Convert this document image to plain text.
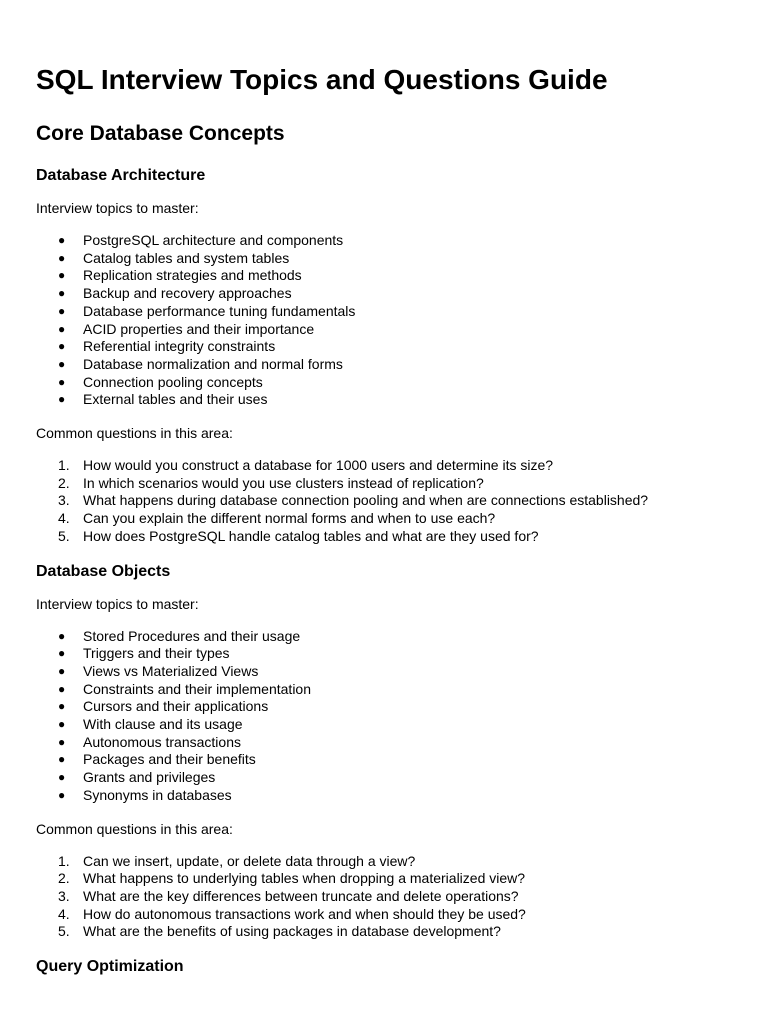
SQL Interview Topics and Questions Guide
Core Database Concepts
Database Architecture

Interview topics to master:

● PostgreSQL architecture and components
● Catalog tables and system tables
● Replication strategies and methods
● Backup and recovery approaches
● Database performance tuning fundamentals
● ACID properties and their importance
● Referential integrity constraints
● Database normalization and normal forms
● Connection pooling concepts
● External tables and their uses

Common questions in this area:

1. How would you construct a database for 1000 users and determine its size?
2. In which scenarios would you use clusters instead of replication?
3. What happens during database connection pooling and when are connections established?
4. Can you explain the different normal forms and when to use each?
5. How does PostgreSQL handle catalog tables and what are they used for?
Database Objects

Interview topics to master:

● Stored Procedures and their usage
● Triggers and their types
● Views vs Materialized Views
● Constraints and their implementation
● Cursors and their applications
● With clause and its usage
● Autonomous transactions
● Packages and their benefits
● Grants and privileges
● Synonyms in databases

Common questions in this area:

1. Can we insert, update, or delete data through a view?
2. What happens to underlying tables when dropping a materialized view?
3. What are the key differences between truncate and delete operations?
4. How do autonomous transactions work and when should they be used?
5. What are the benefits of using packages in database development?
Query Optimization
